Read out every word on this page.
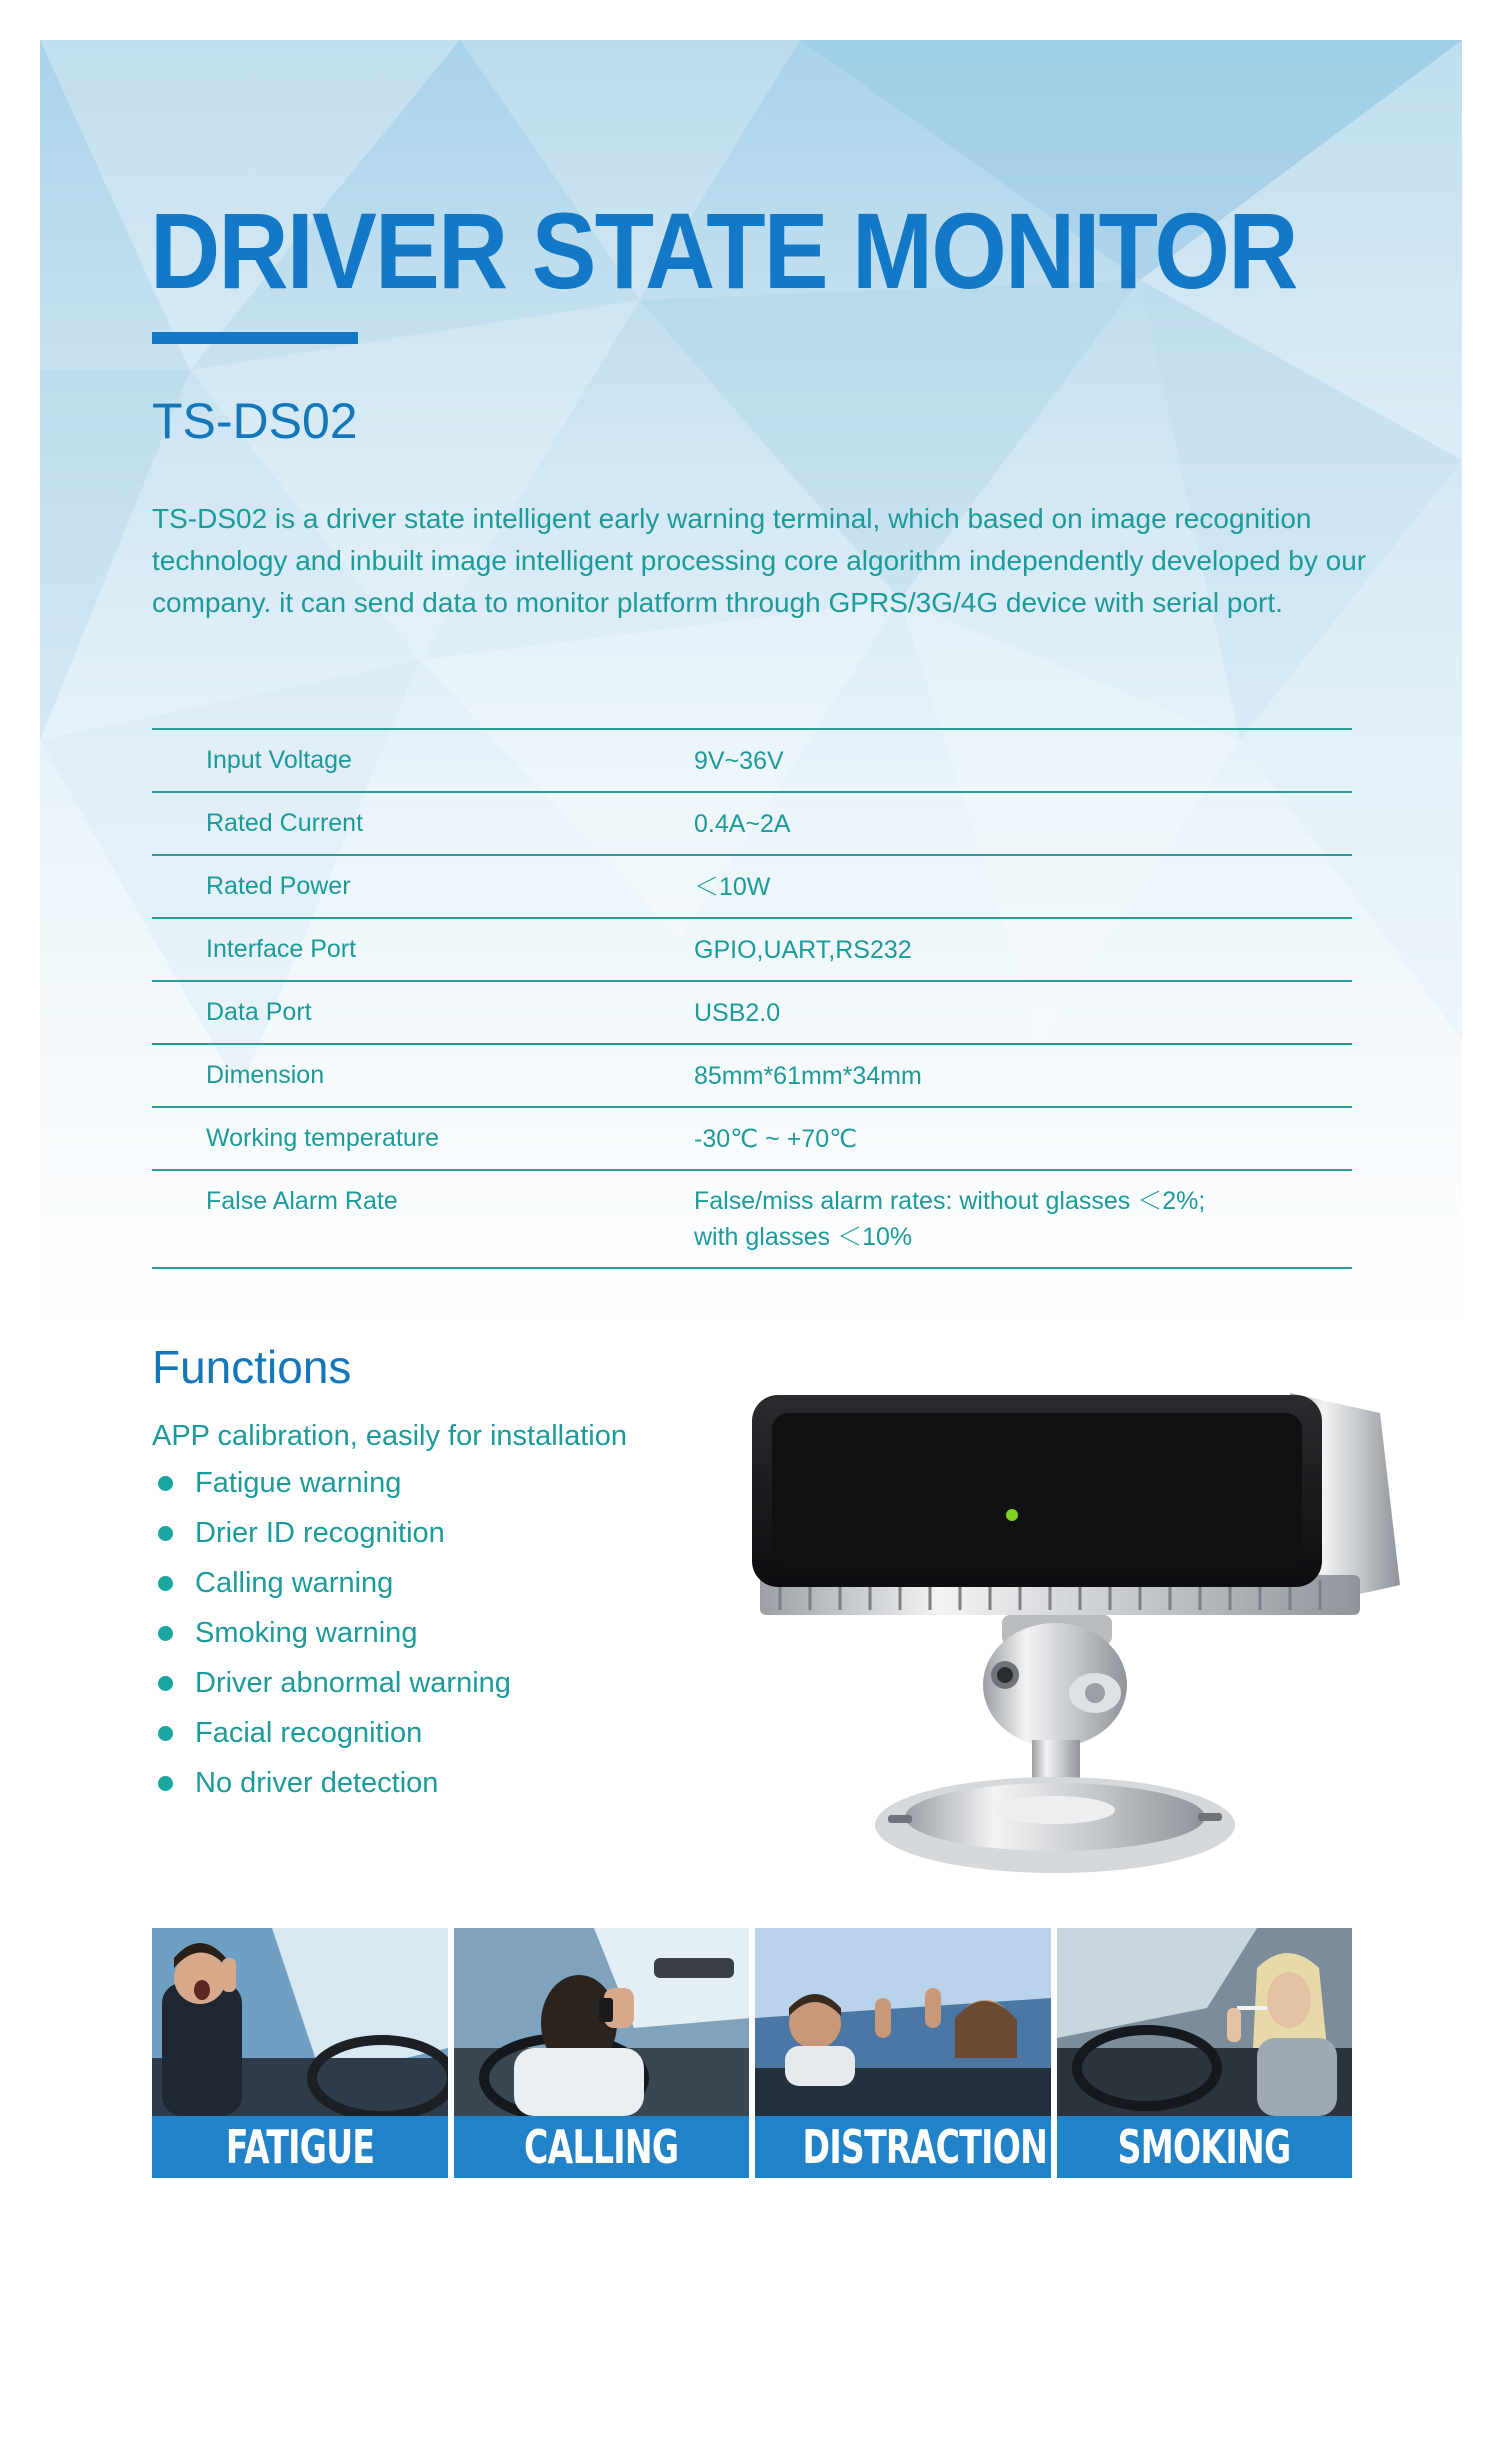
DRIVER STATE MONITOR
TS-DS02
TS-DS02 is a driver state intelligent early warning terminal, which based on image recognition technology and inbuilt image intelligent processing core algorithm independently developed by our company. it can send data to monitor platform through GPRS/3G/4G device with serial port.
Input Voltage	9V~36V
Rated Current	0.4A~2A
Rated Power	＜10W
Interface Port	GPIO,UART,RS232
Data Port	USB2.0
Dimension	85mm*61mm*34mm
Working temperature	-30℃ ~ +70℃
False Alarm Rate	False/miss alarm rates: without glasses ＜2%;
with glasses ＜10%
Functions
APP calibration, easily for installation
Fatigue warning
Drier ID recognition
Calling warning
Smoking warning
Driver abnormal warning
Facial recognition
No driver detection
FATIGUE	CALLING	DISTRACTION	SMOKING
